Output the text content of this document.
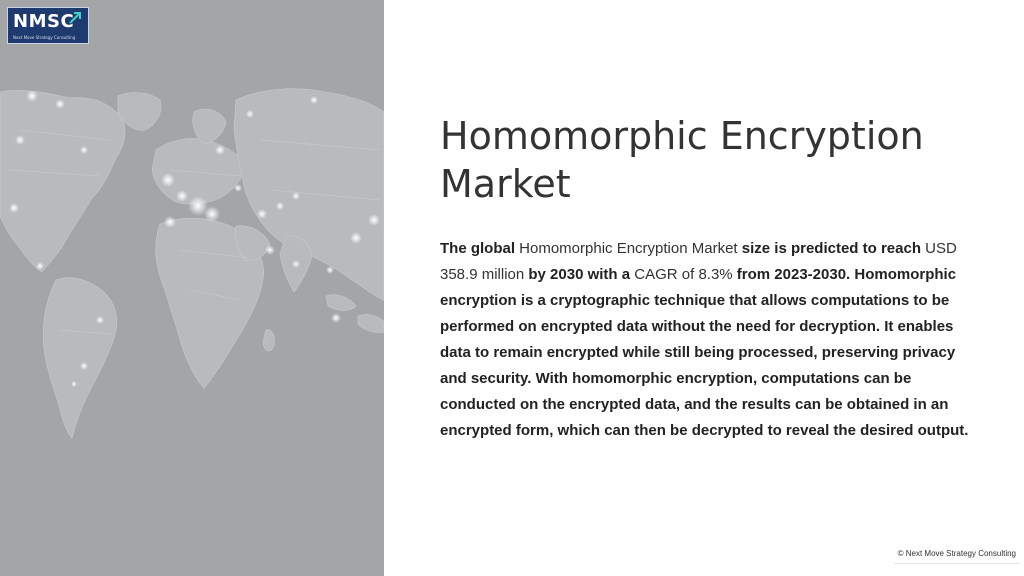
NMSC
Next Move Strategy Consulting
Homomorphic Encryption Market

The global Homomorphic Encryption Market size is predicted to reach USD 358.9 million by 2030 with a CAGR of 8.3% from 2023-2030. Homomorphic encryption is a cryptographic technique that allows computations to be performed on encrypted data without the need for decryption. It enables data to remain encrypted while still being processed, preserving privacy and security. With homomorphic encryption, computations can be conducted on the encrypted data, and the results can be obtained in an encrypted form, which can then be decrypted to reveal the desired output.

© Next Move Strategy Consulting
